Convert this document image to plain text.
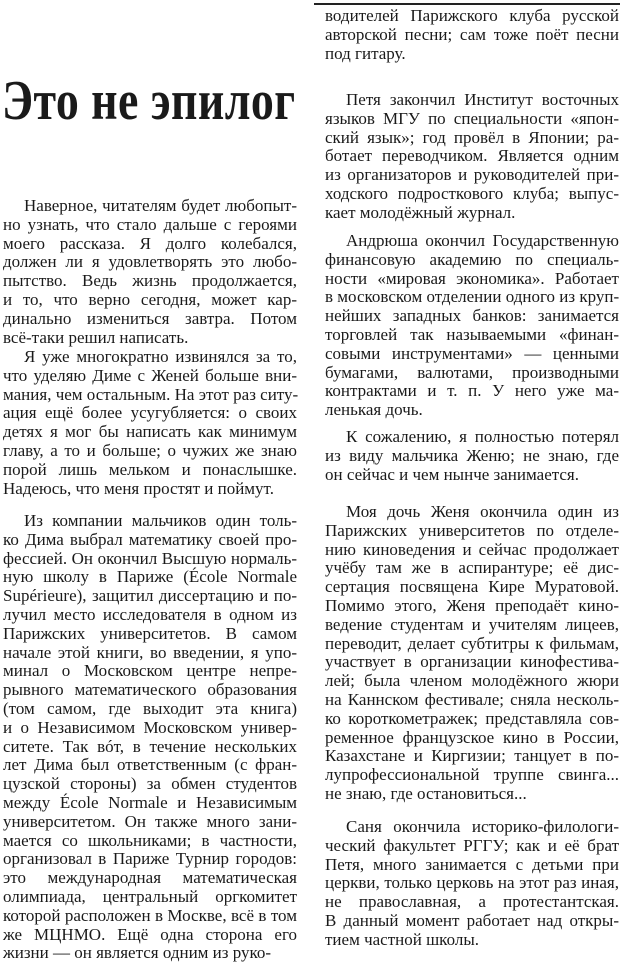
Это не эпилог
Наверное, читателям будет любопыт-
но узнать, что стало дальше с героями
моего рассказа. Я долго колебался,
должен ли я удовлетворять это любо-
пытство. Ведь жизнь продолжается,
и то, что верно сегодня, может кар-
динально измениться завтра. Потом
всё-таки решил написать.
Я уже многократно извинялся за то,
что уделяю Диме с Женей больше вни-
мания, чем остальным. На этот раз ситу-
ация ещё более усугубляется: о своих
детях я мог бы написать как минимум
главу, а то и больше; о чужих же знаю
порой лишь мельком и понаслышке.
Надеюсь, что меня простят и поймут.
Из компании мальчиков один толь-
ко Дима выбрал математику своей про-
фессией. Он окончил Высшую нормаль-
ную школу в Париже (École Normale
Supérieure), защитил диссертацию и по-
лучил место исследователя в одном из
Парижских университетов. В самом
начале этой книги, во введении, я упо-
минал о Московском центре непре-
рывного математического образования
(том самом, где выходит эта книга)
и о Независимом Московском универ-
ситете. Так вóт, в течение нескольких
лет Дима был ответственным (с фран-
цузской стороны) за обмен студентов
между École Normale и Независимым
университетом. Он также много зани-
мается со школьниками; в частности,
организовал в Париже Турнир городов:
это международная математическая
олимпиада, центральный оргкомитет
которой расположен в Москве, всё в том
же МЦНМО. Ещё одна сторона его
жизни — он является одним из руко-
водителей Парижского клуба русской
авторской песни; сам тоже поёт песни
под гитару.
Петя закончил Институт восточных
языков МГУ по специальности «япон-
ский язык»; год провёл в Японии; ра-
ботает переводчиком. Является одним
из организаторов и руководителей при-
ходского подросткового клуба; выпус-
кает молодёжный журнал.
Андрюша окончил Государственную
финансовую академию по специаль-
ности «мировая экономика». Работает
в московском отделении одного из круп-
нейших западных банков: занимается
торговлей так называемыми «финан-
совыми инструментами» — ценными
бумагами, валютами, производными
контрактами и т. п. У него уже ма-
ленькая дочь.
К сожалению, я полностью потерял
из виду мальчика Женю; не знаю, где
он сейчас и чем нынче занимается.
Моя дочь Женя окончила один из
Парижских университетов по отделе-
нию киноведения и сейчас продолжает
учёбу там же в аспирантуре; её дис-
сертация посвящена Кире Муратовой.
Помимо этого, Женя преподаёт кино-
ведение студентам и учителям лицеев,
переводит, делает субтитры к фильмам,
участвует в организации кинофестива-
лей; была членом молодёжного жюри
на Каннском фестивале; сняла несколь-
ко короткометражек; представляла сов-
ременное французское кино в России,
Казахстане и Киргизии; танцует в по-
лупрофессиональной труппе свинга...
не знаю, где остановиться...
Саня окончила историко-филологи-
ческий факультет РГГУ; как и её брат
Петя, много занимается с детьми при
церкви, только церковь на этот раз иная,
не православная, а протестантская.
В данный момент работает над откры-
тием частной школы.
